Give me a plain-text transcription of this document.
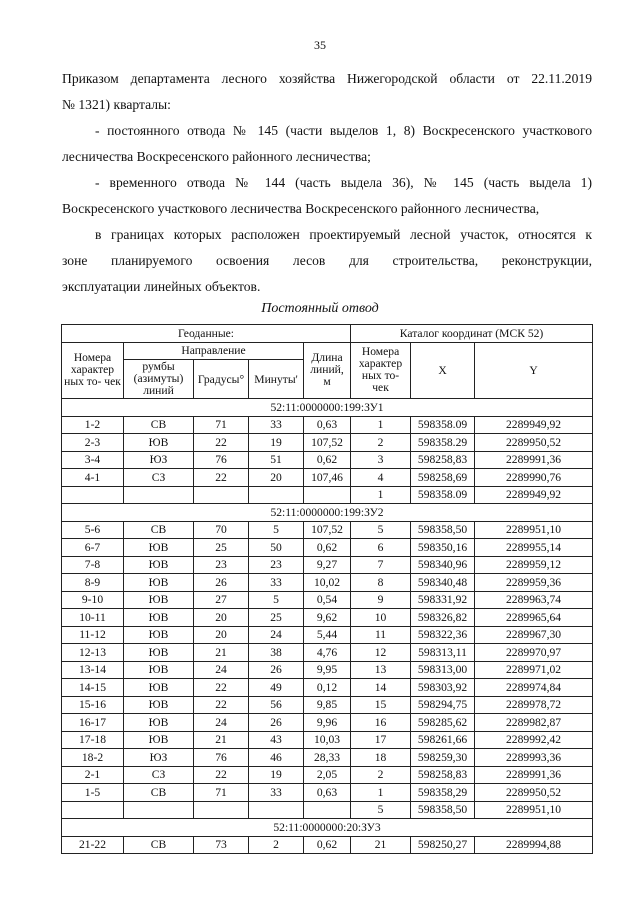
35
Приказом департамента лесного хозяйства Нижегородской области от 22.11.2019
№ 1321) кварталы:
- постоянного отвода № 145 (части выделов 1, 8) Воскресенского участкового
лесничества Воскресенского районного лесничества;
- временного отвода № 144 (часть выдела 36), № 145 (часть выдела 1)
Воскресенского участкового лесничества Воскресенского районного лесничества,
в границах которых расположен проектируемый лесной участок, относятся к
зоне планируемого освоения лесов для строительства, реконструкции,
эксплуатации линейных объектов.
Постоянный отвод
Геоданные:					Каталог координат (МСК 52)		
Номера характер ных то- чек	Направление			Длина линий, м	Номера характер ных то- чек	X	Y
	румбы (азимуты) линий	Градусы°	Минуты'				
52:11:0000000:199:ЗУ1							
1-2	СВ	71	33	0,63	1	598358.09	2289949,92
2-3	ЮВ	22	19	107,52	2	598358.29	2289950,52
3-4	ЮЗ	76	51	0,62	3	598258,83	2289991,36
4-1	СЗ	22	20	107,46	4	598258,69	2289990,76
					1	598358.09	2289949,92
52:11:0000000:199:ЗУ2							
5-6	СВ	70	5	107,52	5	598358,50	2289951,10
6-7	ЮВ	25	50	0,62	6	598350,16	2289955,14
7-8	ЮВ	23	23	9,27	7	598340,96	2289959,12
8-9	ЮВ	26	33	10,02	8	598340,48	2289959,36
9-10	ЮВ	27	5	0,54	9	598331,92	2289963,74
10-11	ЮВ	20	25	9,62	10	598326,82	2289965,64
11-12	ЮВ	20	24	5,44	11	598322,36	2289967,30
12-13	ЮВ	21	38	4,76	12	598313,11	2289970,97
13-14	ЮВ	24	26	9,95	13	598313,00	2289971,02
14-15	ЮВ	22	49	0,12	14	598303,92	2289974,84
15-16	ЮВ	22	56	9,85	15	598294,75	2289978,72
16-17	ЮВ	24	26	9,96	16	598285,62	2289982,87
17-18	ЮВ	21	43	10,03	17	598261,66	2289992,42
18-2	ЮЗ	76	46	28,33	18	598259,30	2289993,36
2-1	СЗ	22	19	2,05	2	598258,83	2289991,36
1-5	СВ	71	33	0,63	1	598358,29	2289950,52
					5	598358,50	2289951,10
52:11:0000000:20:ЗУ3							
21-22	СВ	73	2	0,62	21	598250,27	2289994,88
